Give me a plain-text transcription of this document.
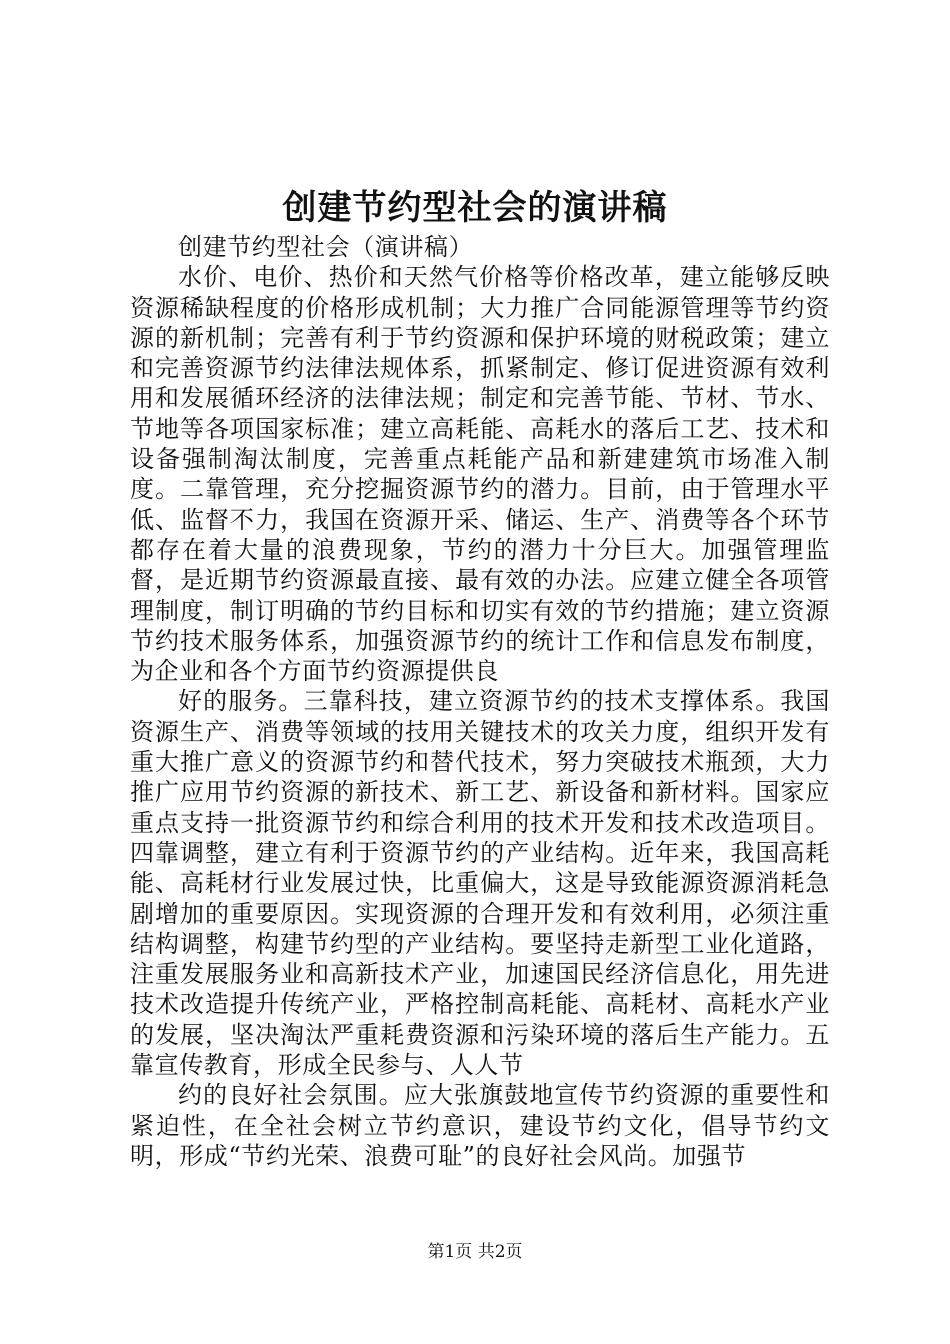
创建节约型社会的演讲稿

创建节约型社会（演讲稿）

水价、电价、热价和天然气价格等价格改革，建立能够反映资源稀缺程度的价格形成机制；大力推广合同能源管理等节约资源的新机制；完善有利于节约资源和保护环境的财税政策；建立和完善资源节约法律法规体系，抓紧制定、修订促进资源有效利用和发展循环经济的法律法规；制定和完善节能、节材、节水、节地等各项国家标准；建立高耗能、高耗水的落后工艺、技术和设备强制淘汰制度，完善重点耗能产品和新建建筑市场准入制度。二靠管理，充分挖掘资源节约的潜力。目前，由于管理水平低、监督不力，我国在资源开采、储运、生产、消费等各个环节都存在着大量的浪费现象，节约的潜力十分巨大。加强管理监督，是近期节约资源最直接、最有效的办法。应建立健全各项管理制度，制订明确的节约目标和切实有效的节约措施；建立资源节约技术服务体系，加强资源节约的统计工作和信息发布制度，为企业和各个方面节约资源提供良

好的服务。三靠科技，建立资源节约的技术支撑体系。我国资源生产、消费等领域的技用关键技术的攻关力度，组织开发有重大推广意义的资源节约和替代技术，努力突破技术瓶颈，大力推广应用节约资源的新技术、新工艺、新设备和新材料。国家应重点支持一批资源节约和综合利用的技术开发和技术改造项目。四靠调整，建立有利于资源节约的产业结构。近年来，我国高耗能、高耗材行业发展过快，比重偏大，这是导致能源资源消耗急剧增加的重要原因。实现资源的合理开发和有效利用，必须注重结构调整，构建节约型的产业结构。要坚持走新型工业化道路，注重发展服务业和高新技术产业，加速国民经济信息化，用先进技术改造提升传统产业，严格控制高耗能、高耗材、高耗水产业的发展，坚决淘汰严重耗费资源和污染环境的落后生产能力。五靠宣传教育，形成全民参与、人人节

约的良好社会氛围。应大张旗鼓地宣传节约资源的重要性和紧迫性，在全社会树立节约意识，建设节约文化，倡导节约文明，形成“节约光荣、浪费可耻”的良好社会风尚。加强节

第1页 共2页
